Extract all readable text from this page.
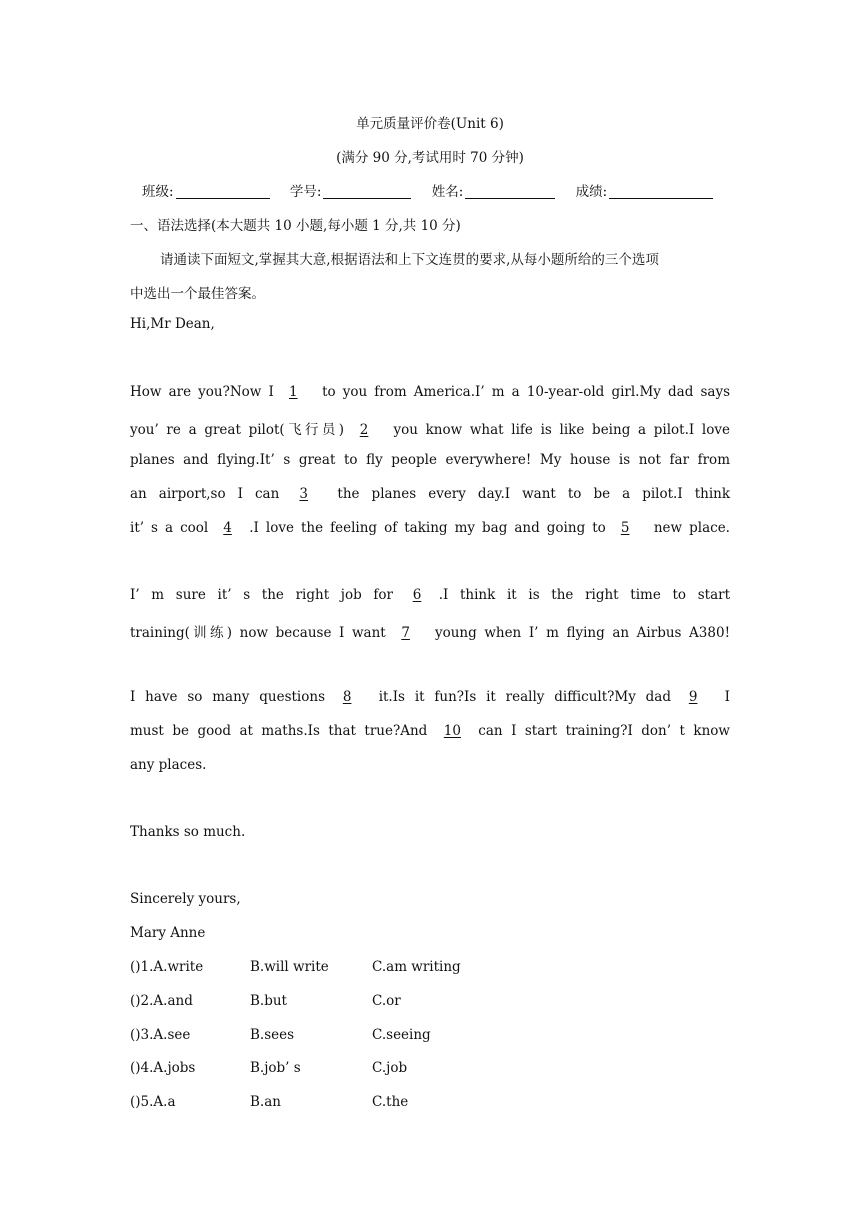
单元质量评价卷(Unit 6)
(满分 90 分,考试用时 70 分钟)
班级:	学号:	姓名:	成绩:
一、语法选择(本大题共 10 小题,每小题 1 分,共 10 分)
请通读下面短文,掌握其大意,根据语法和上下文连贯的要求,从每小题所给的三个选项
中选出一个最佳答案。
Hi,Mr Dean,
How are you?Now I 1 to you from America.I’ m a 10-year-old girl.My dad says
you’ re a great pilot(飞行员) 2 you know what life is like being a pilot.I love
planes and flying.It’ s great to fly people everywhere! My house is not far from
an airport,so I can 3 the planes every day.I want to be a pilot.I think
it’ s a cool 4 .I love the feeling of taking my bag and going to 5 new place.
I’ m sure it’ s the right job for 6 .I think it is the right time to start
training(训练) now because I want 7 young when I’ m flying an Airbus A380!
I have so many questions 8 it.Is it fun?Is it really difficult?My dad 9 I
must be good at maths.Is that true?And 10 can I start training?I don’ t know
any places.
Thanks so much.
Sincerely yours,
Mary Anne
()1.A.write	B.will write	C.am writing
()2.A.and	B.but	C.or
()3.A.see	B.sees	C.seeing
()4.A.jobs	B.job’ s	C.job
()5.A.a	B.an	C.the
